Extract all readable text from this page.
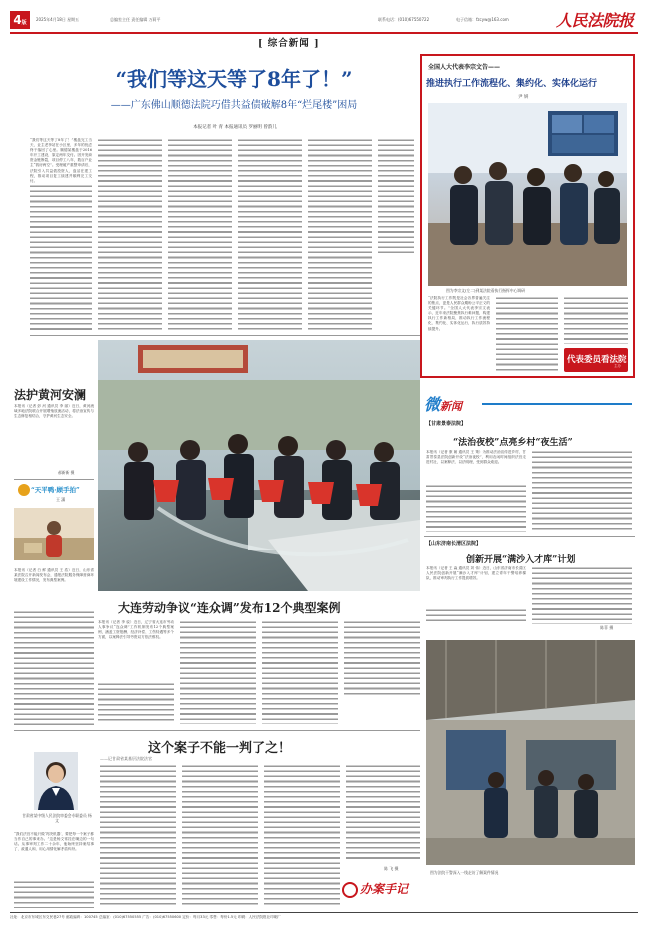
4版
2025年4月18日 星期五	总编室主任 责任编辑 万莉平	联系电话：(010)67550722	电子信箱：fzcyw@163.com	人民法院报
[ 综合新闻 ]
“我们等这天等了8年了！”
——广东佛山顺德法院巧借共益债破解8年“烂尾楼”困局
本报记者 叶 青 本报通讯员 罗丽明 曾韵儿
“我们等这天等了8年了！”楼盘完工当天，业主老李站在小区里，多年的忧虑终于落回了心里。顺德某楼盘于2016年开工建设，原定两年交付。因开发商资金链断裂，项目停工八年，数百户业主“钱房两空”。受理破产重整申请后，法院引入共益债投资人，盘活在建工程，推动项目复工续建并顺利完工交付。
全国人大代表李宗文告——
推进执行工作流程化、集约化、实体化运行
尹 妍
图为李宗文(左二)到某法院看执行指挥中心调研
“法院执行工作既是社会各界普遍关注的焦点，更是人民群众期盼公平正义的关键环节。”全国人大代表李宗文表示，近年来法院聚焦执行难问题，构建执行工作新格局，推动执行工作流程化、集约化、实体化运行，执行质效持续提升。
代表委员看法院
主办
法护黄河安澜
本报讯（记者 彭 河 通讯员 李 丽）近日，黄河流域多地法院联合开展增殖放流活动，将法治宣传与生态修复相结合，守护黄河生态安全。
郝新新 摄
“天平鸭·顾手拍”
王 潇
本报讯（记者 白 鲜 通讯员 王 浩）近日，山东省某法院召开新闻发布会，通报法院服务保障营商环境建设工作情况，发布典型案例。
大连劳动争议“连众调”发布12个典型案例
本报讯（记者 李 骁）近日，辽宁省大连市劳动人事争议“连众调”工作机制发布12个典型案例，涵盖工资报酬、经济补偿、工伤待遇等多个方面，以案释法引导劳资双方依法维权。
这个案子不能一判了之！
甘肃省某中级人民法院审委会专职委员 杨 文
“我们法官不能只做‘判决机器’，要把每一个案子都当作自己的事来办。”这是杨文常挂在嘴边的一句话。从事审判工作二十余年，他始终坚持案结事了、政通人和，用心用情化解矛盾纠纷。
——记甘肃省某基层法院法官
陈 飞 摄
办案手记
图为法院干警深入一线走访了解案件情况
微新闻
【甘肃景泰法院】
“法治夜校”点亮乡村“夜生活”
本报讯（记者 康 朝 通讯员 王 策）为推动法治宣传进乡村，甘肃景泰县法院创新开设“法治夜校”，利用农闲时间组织法官走进村社，以案释法、以法明理，受到群众欢迎。
【山东济南长清区法院】
创新开展“满沙入才库”计划
本报讯（记者 王 淼 通讯员 刘 伟）近日，山东省济南市长清区人民法院创新开展“满沙入才库”计划，建立青年干警培养梯队，推动审判执行工作提质增效。
陈菲 摄
社址：北京市东城区东交民巷27号 邮政编码：100745 总编室：(010)67550555 广告：(010)67550600 定价：每月33元 零售：每份1.5元 印刷：人民法院报社印刷厂
